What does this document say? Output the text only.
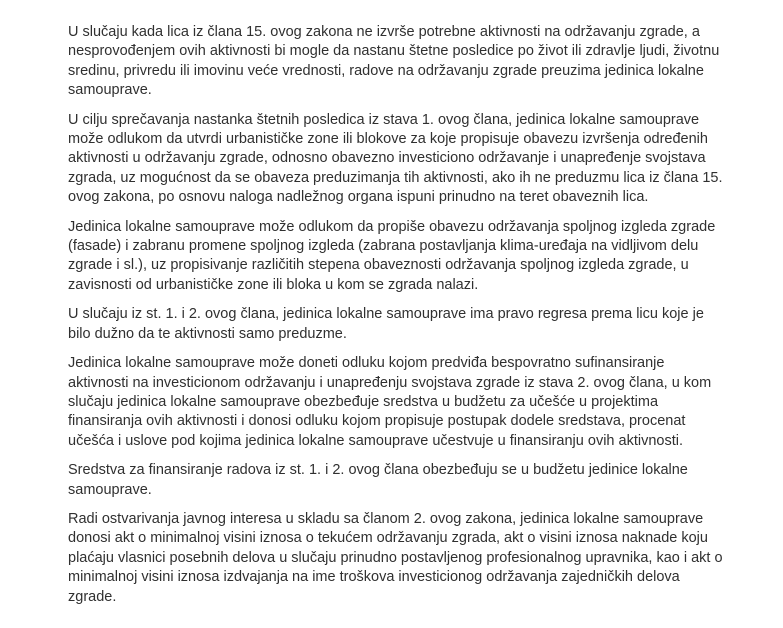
U slučaju kada lica iz člana 15. ovog zakona ne izvrše potrebne aktivnosti na održavanju zgrade, a nesprovođenjem ovih aktivnosti bi mogle da nastanu štetne posledice po život ili zdravlje ljudi, životnu sredinu, privredu ili imovinu veće vrednosti, radove na održavanju zgrade preuzima jedinica lokalne samouprave.

U cilju sprečavanja nastanka štetnih posledica iz stava 1. ovog člana, jedinica lokalne samouprave može odlukom da utvrdi urbanističke zone ili blokove za koje propisuje obavezu izvršenja određenih aktivnosti u održavanju zgrade, odnosno obavezno investiciono održavanje i unapređenje svojstava zgrada, uz mogućnost da se obaveza preduzimanja tih aktivnosti, ako ih ne preduzmu lica iz člana 15. ovog zakona, po osnovu naloga nadležnog organa ispuni prinudno na teret obaveznih lica.

Jedinica lokalne samouprave može odlukom da propiše obavezu održavanja spoljnog izgleda zgrade (fasade) i zabranu promene spoljnog izgleda (zabrana postavljanja klima-uređaja na vidljivom delu zgrade i sl.), uz propisivanje različitih stepena obaveznosti održavanja spoljnog izgleda zgrade, u zavisnosti od urbanističke zone ili bloka u kom se zgrada nalazi.

U slučaju iz st. 1. i 2. ovog člana, jedinica lokalne samouprave ima pravo regresa prema licu koje je bilo dužno da te aktivnosti samo preduzme.

Jedinica lokalne samouprave može doneti odluku kojom predviđa bespovratno sufinansiranje aktivnosti na investicionom održavanju i unapređenju svojstava zgrade iz stava 2. ovog člana, u kom slučaju jedinica lokalne samouprave obezbeđuje sredstva u budžetu za učešće u projektima finansiranja ovih aktivnosti i donosi odluku kojom propisuje postupak dodele sredstava, procenat učešća i uslove pod kojima jedinica lokalne samouprave učestvuje u finansiranju ovih aktivnosti.

Sredstva za finansiranje radova iz st. 1. i 2. ovog člana obezbeđuju se u budžetu jedinice lokalne samouprave.

Radi ostvarivanja javnog interesa u skladu sa članom 2. ovog zakona, jedinica lokalne samouprave donosi akt o minimalnoj visini iznosa o tekućem održavanju zgrada, akt o visini iznosa naknade koju plaćaju vlasnici posebnih delova u slučaju prinudno postavljenog profesionalnog upravnika, kao i akt o minimalnoj visini iznosa izdvajanja na ime troškova investicionog održavanja zajedničkih delova zgrade.
